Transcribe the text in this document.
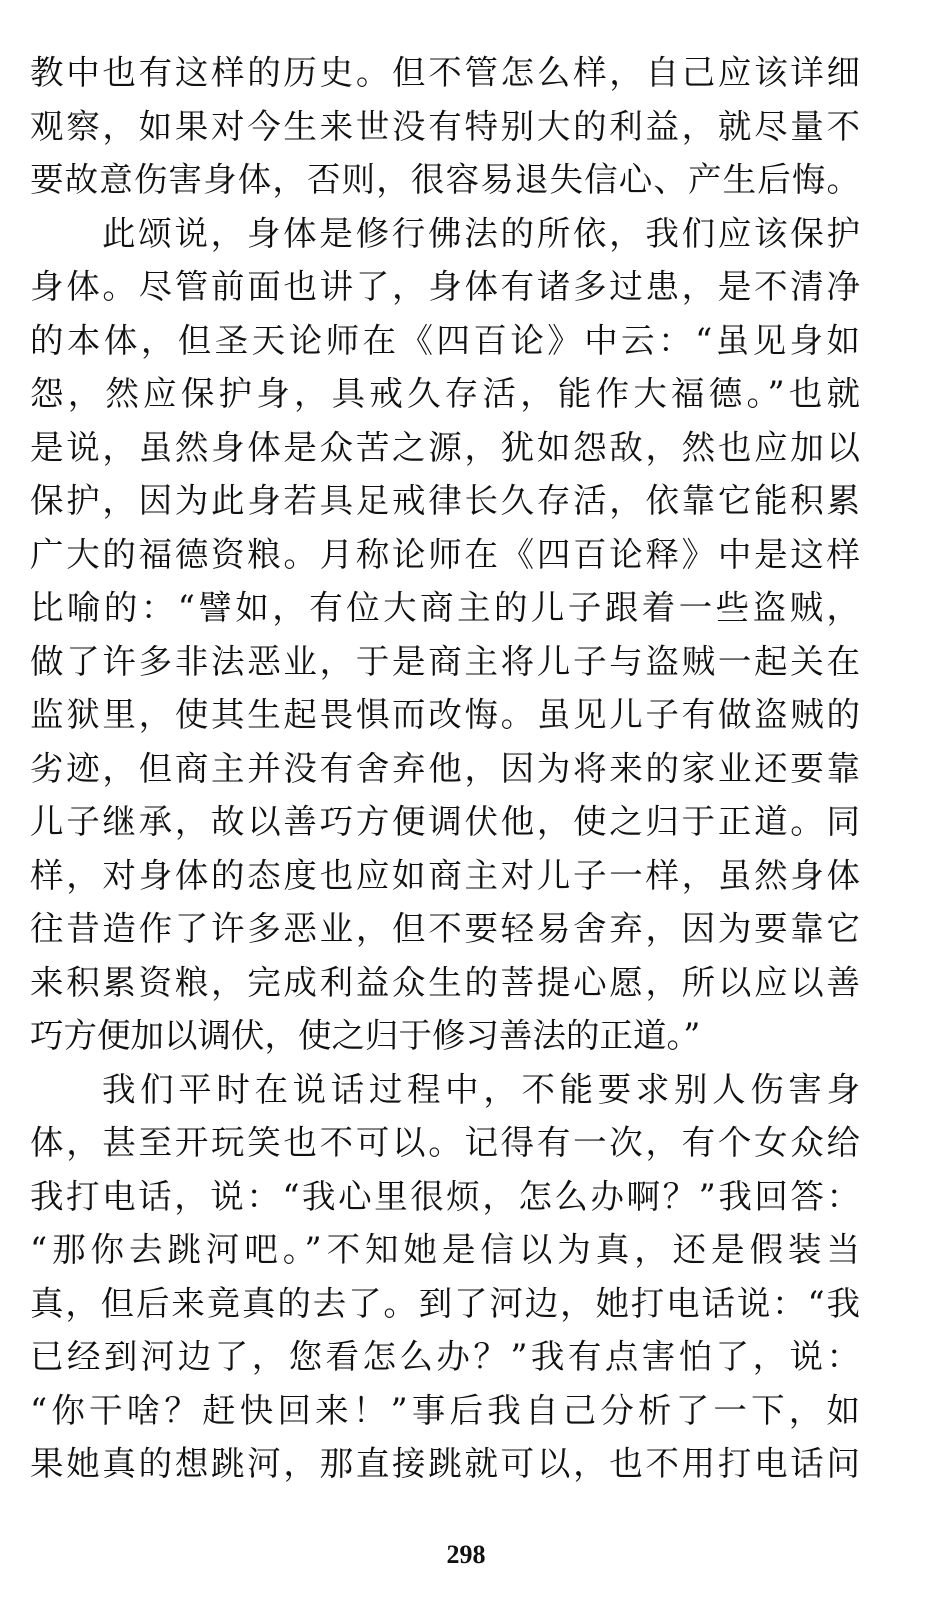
教中也有这样的历史。但不管怎么样，自己应该详细
观察，如果对今生来世没有特别大的利益，就尽量不
要故意伤害身体，否则，很容易退失信心、产生后悔。
此颂说，身体是修行佛法的所依，我们应该保护
身体。尽管前面也讲了，身体有诸多过患，是不清净
的本体，但圣天论师在《四百论》中云：“虽见身如
怨，然应保护身，具戒久存活，能作大福德。”也就
是说，虽然身体是众苦之源，犹如怨敌，然也应加以
保护，因为此身若具足戒律长久存活，依靠它能积累
广大的福德资粮。月称论师在《四百论释》中是这样
比喻的：“譬如，有位大商主的儿子跟着一些盗贼，
做了许多非法恶业，于是商主将儿子与盗贼一起关在
监狱里，使其生起畏惧而改悔。虽见儿子有做盗贼的
劣迹，但商主并没有舍弃他，因为将来的家业还要靠
儿子继承，故以善巧方便调伏他，使之归于正道。同
样，对身体的态度也应如商主对儿子一样，虽然身体
往昔造作了许多恶业，但不要轻易舍弃，因为要靠它
来积累资粮，完成利益众生的菩提心愿，所以应以善
巧方便加以调伏，使之归于修习善法的正道。”
我们平时在说话过程中，不能要求别人伤害身
体，甚至开玩笑也不可以。记得有一次，有个女众给
我打电话，说：“我心里很烦，怎么办啊？”我回答：
“那你去跳河吧。”不知她是信以为真，还是假装当
真，但后来竟真的去了。到了河边，她打电话说：“我
已经到河边了，您看怎么办？”我有点害怕了，说：
“你干啥？赶快回来！”事后我自己分析了一下，如
果她真的想跳河，那直接跳就可以，也不用打电话问
298
